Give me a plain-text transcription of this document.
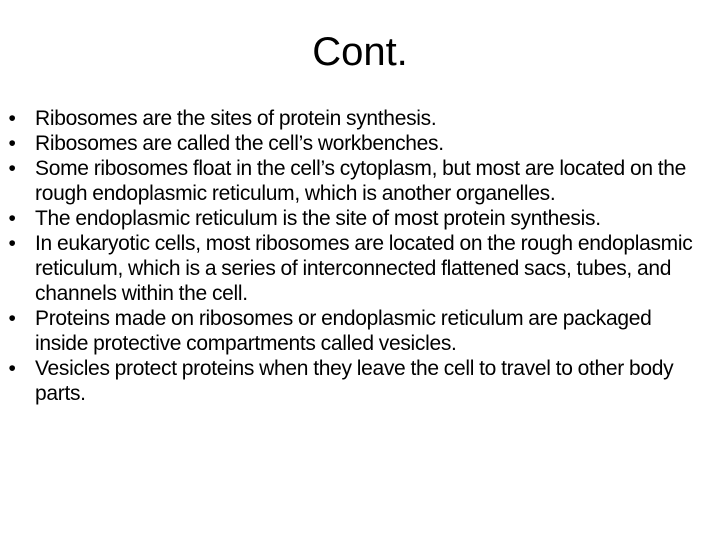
Cont.
• Ribosomes are the sites of protein synthesis.
• Ribosomes are called the cell’s workbenches.
• Some ribosomes float in the cell’s cytoplasm, but most are located on the rough endoplasmic reticulum, which is another organelles.
• The endoplasmic reticulum is the site of most protein synthesis.
• In eukaryotic cells, most ribosomes are located on the rough endoplasmic reticulum, which is a series of interconnected flattened sacs, tubes, and channels within the cell.
• Proteins made on ribosomes or endoplasmic reticulum are packaged inside protective compartments called vesicles.
• Vesicles protect proteins when they leave the cell to travel to other body parts.
